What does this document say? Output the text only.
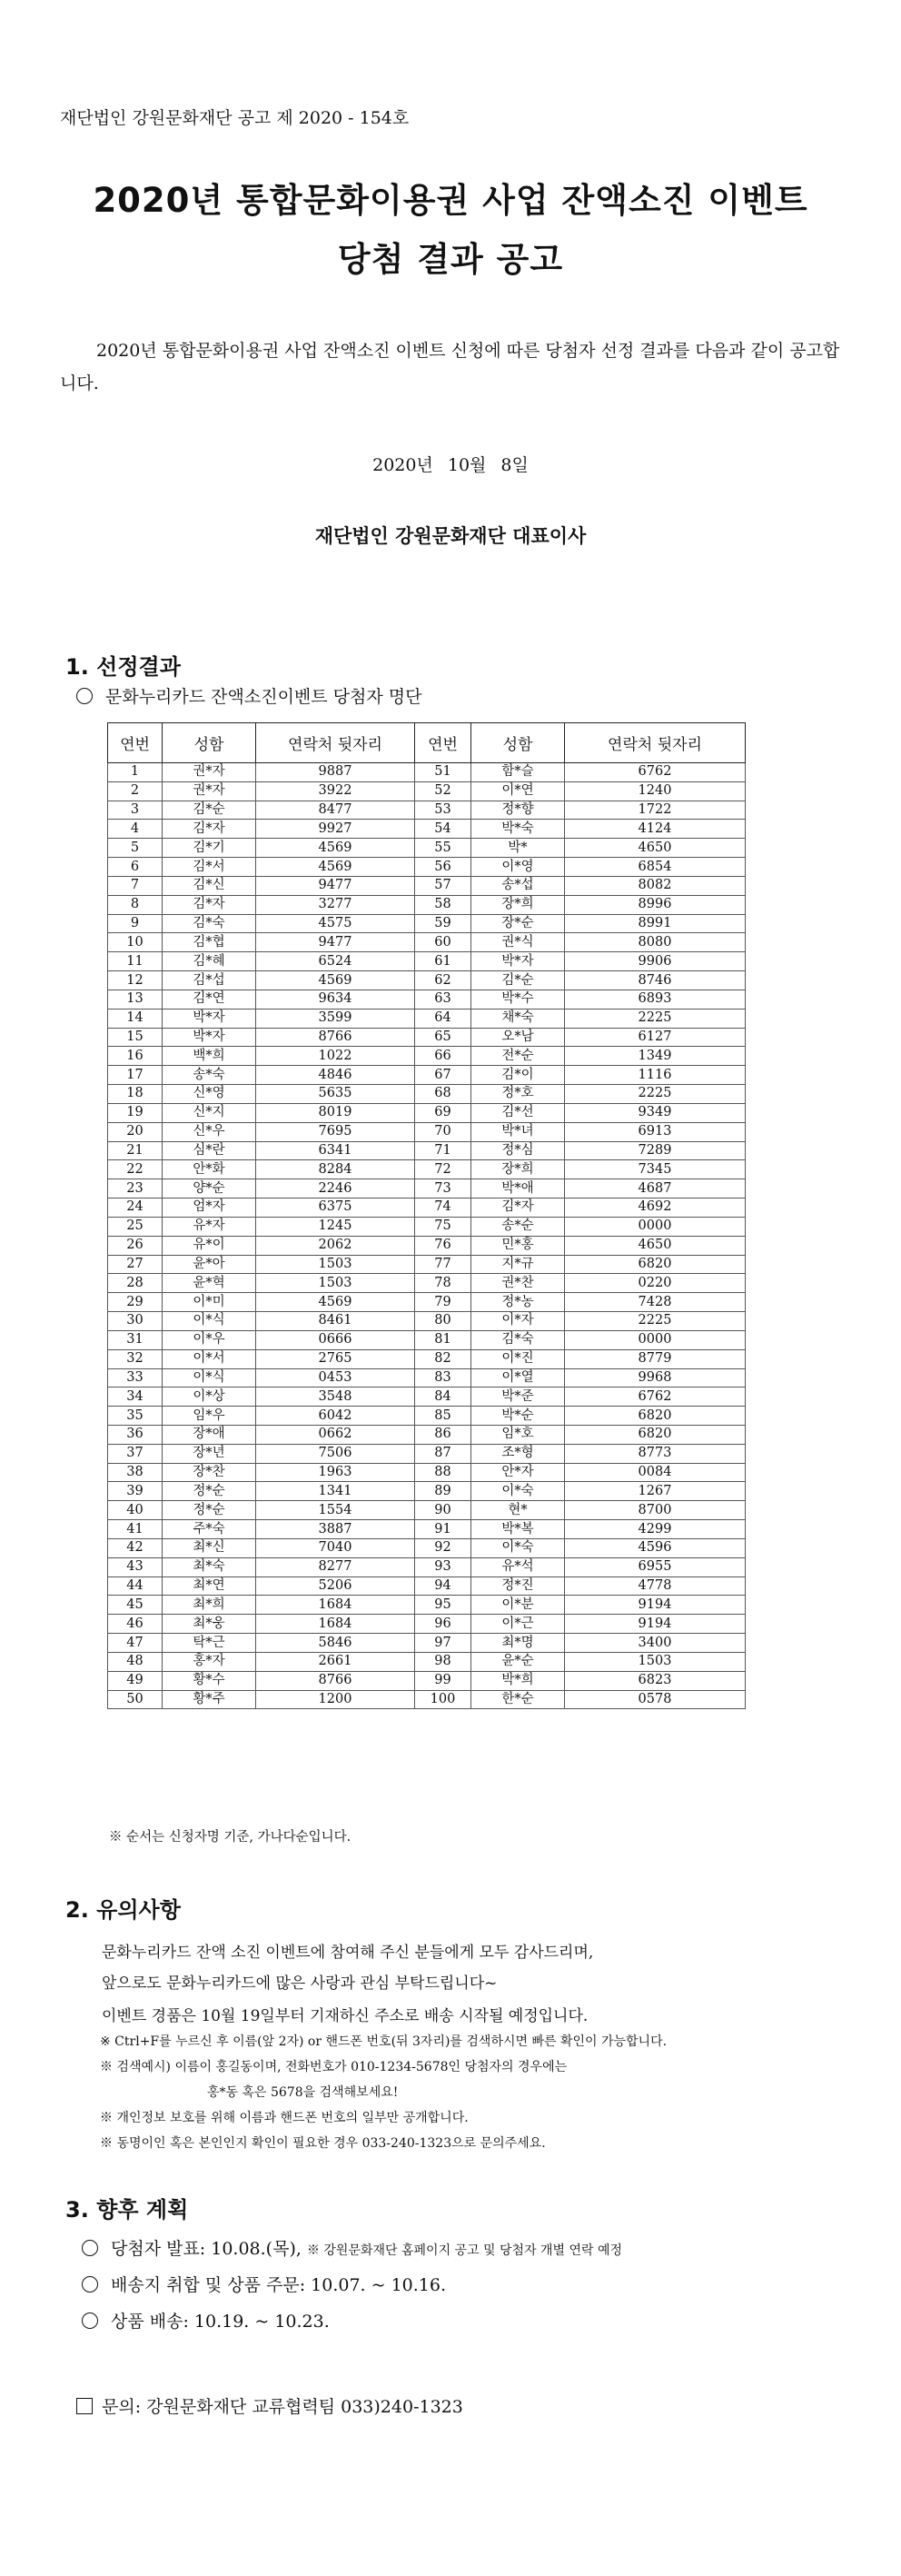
재단법인 강원문화재단 공고 제 2020 - 154호
2020년 통합문화이용권 사업 잔액소진 이벤트
당첨 결과 공고
2020년 통합문화이용권 사업 잔액소진 이벤트 신청에 따른 당첨자 선정 결과를 다음과 같이 공고합니다.
2020년 10월 8일
재단법인 강원문화재단 대표이사
1. 선정결과
문화누리카드 잔액소진이벤트 당첨자 명단
연번	성함	연락처 뒷자리	연번	성함	연락처 뒷자리
1	권*자	9887	51	함*슬	6762
2	권*자	3922	52	이*연	1240
3	김*순	8477	53	정*향	1722
4	김*자	9927	54	박*숙	4124
5	김*기	4569	55	박*	4650
6	김*서	4569	56	이*영	6854
7	김*신	9477	57	송*섭	8082
8	김*자	3277	58	장*희	8996
9	김*숙	4575	59	장*순	8991
10	김*협	9477	60	권*식	8080
11	김*혜	6524	61	박*자	9906
12	김*섭	4569	62	김*순	8746
13	김*연	9634	63	박*수	6893
14	박*자	3599	64	채*숙	2225
15	박*자	8766	65	오*남	6127
16	백*희	1022	66	전*순	1349
17	송*숙	4846	67	김*이	1116
18	신*영	5635	68	정*호	2225
19	신*지	8019	69	김*선	9349
20	신*우	7695	70	박*녀	6913
21	심*란	6341	71	정*심	7289
22	안*화	8284	72	장*희	7345
23	양*순	2246	73	박*애	4687
24	엄*자	6375	74	김*자	4692
25	유*자	1245	75	송*순	0000
26	유*이	2062	76	민*홍	4650
27	윤*아	1503	77	지*규	6820
28	윤*혁	1503	78	권*찬	0220
29	이*미	4569	79	정*농	7428
30	이*식	8461	80	이*자	2225
31	이*우	0666	81	김*숙	0000
32	이*서	2765	82	이*진	8779
33	이*식	0453	83	이*열	9968
34	이*상	3548	84	박*준	6762
35	임*우	6042	85	박*순	6820
36	장*애	0662	86	임*호	6820
37	장*년	7506	87	조*형	8773
38	장*찬	1963	88	안*자	0084
39	정*순	1341	89	이*숙	1267
40	정*순	1554	90	현*	8700
41	주*숙	3887	91	박*복	4299
42	최*신	7040	92	이*숙	4596
43	최*숙	8277	93	유*석	6955
44	최*연	5206	94	정*진	4778
45	최*희	1684	95	이*분	9194
46	최*웅	1684	96	이*근	9194
47	탁*근	5846	97	최*명	3400
48	홍*자	2661	98	윤*순	1503
49	황*수	8766	99	박*희	6823
50	황*주	1200	100	한*순	0578
※ 순서는 신청자명 기준, 가나다순입니다.
2. 유의사항
문화누리카드 잔액 소진 이벤트에 참여해 주신 분들에게 모두 감사드리며,
앞으로도 문화누리카드에 많은 사랑과 관심 부탁드립니다~
이벤트 경품은 10월 19일부터 기재하신 주소로 배송 시작될 예정입니다.
※ Ctrl+F를 누르신 후 이름(앞 2자) or 핸드폰 번호(뒤 3자리)를 검색하시면 빠른 확인이 가능합니다.
※ 검색예시) 이름이 홍길동이며, 전화번호가 010-1234-5678인 당첨자의 경우에는
홍*동 혹은 5678을 검색해보세요!
※ 개인정보 보호를 위해 이름과 핸드폰 번호의 일부만 공개합니다.
※ 동명이인 혹은 본인인지 확인이 필요한 경우 033-240-1323으로 문의주세요.
3. 향후 계획
당첨자 발표: 10.08.(목), ※ 강원문화재단 홈페이지 공고 및 당첨자 개별 연락 예정
배송지 취합 및 상품 주문: 10.07. ~ 10.16.
상품 배송: 10.19. ~ 10.23.
문의: 강원문화재단 교류협력팀 033)240-1323
